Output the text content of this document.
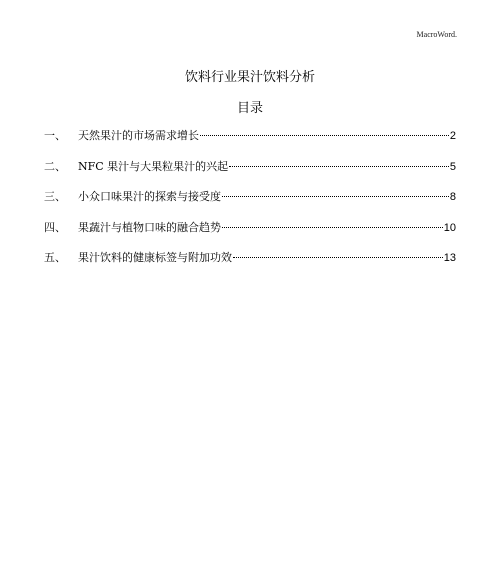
MacroWord.
饮料行业果汁饮料分析
目录
一、	天然果汁的市场需求增长	2
二、	NFC 果汁与大果粒果汁的兴起	5
三、	小众口味果汁的探索与接受度	8
四、	果蔬汁与植物口味的融合趋势	10
五、	果汁饮料的健康标签与附加功效	13
